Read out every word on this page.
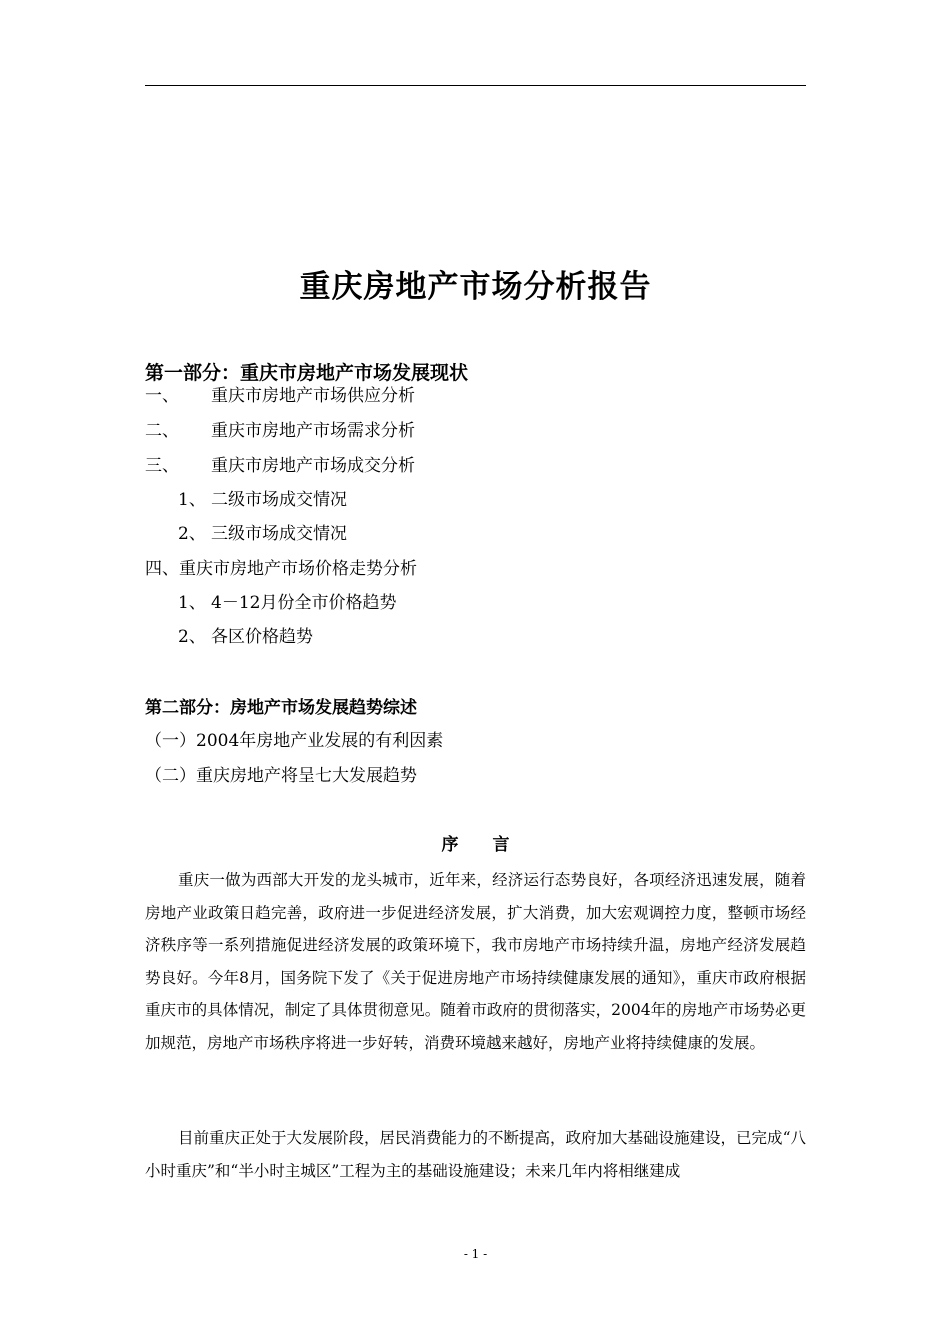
重庆房地产市场分析报告
第一部分：重庆市房地产市场发展现状
一、 重庆市房地产市场供应分析
二、 重庆市房地产市场需求分析
三、 重庆市房地产市场成交分析
1、 二级市场成交情况
2、 三级市场成交情况
四、重庆市房地产市场价格走势分析
1、 4－12月份全市价格趋势
2、 各区价格趋势
第二部分：房地产市场发展趋势综述
（一）2004年房地产业发展的有利因素
（二）重庆房地产将呈七大发展趋势
序　　言

重庆一做为西部大开发的龙头城市，近年来，经济运行态势良好，各项经济迅速发展，随着房地产业政策日趋完善，政府进一步促进经济发展，扩大消费，加大宏观调控力度，整顿市场经济秩序等一系列措施促进经济发展的政策环境下，我市房地产市场持续升温，房地产经济发展趋势良好。今年8月，国务院下发了《关于促进房地产市场持续健康发展的通知》，重庆市政府根据重庆市的具体情况，制定了具体贯彻意见。随着市政府的贯彻落实，2004年的房地产市场势必更加规范，房地产市场秩序将进一步好转，消费环境越来越好，房地产业将持续健康的发展。

目前重庆正处于大发展阶段，居民消费能力的不断提高，政府加大基础设施建设，已完成“八小时重庆”和“半小时主城区”工程为主的基础设施建设；未来几年内将相继建成

- 1 -
